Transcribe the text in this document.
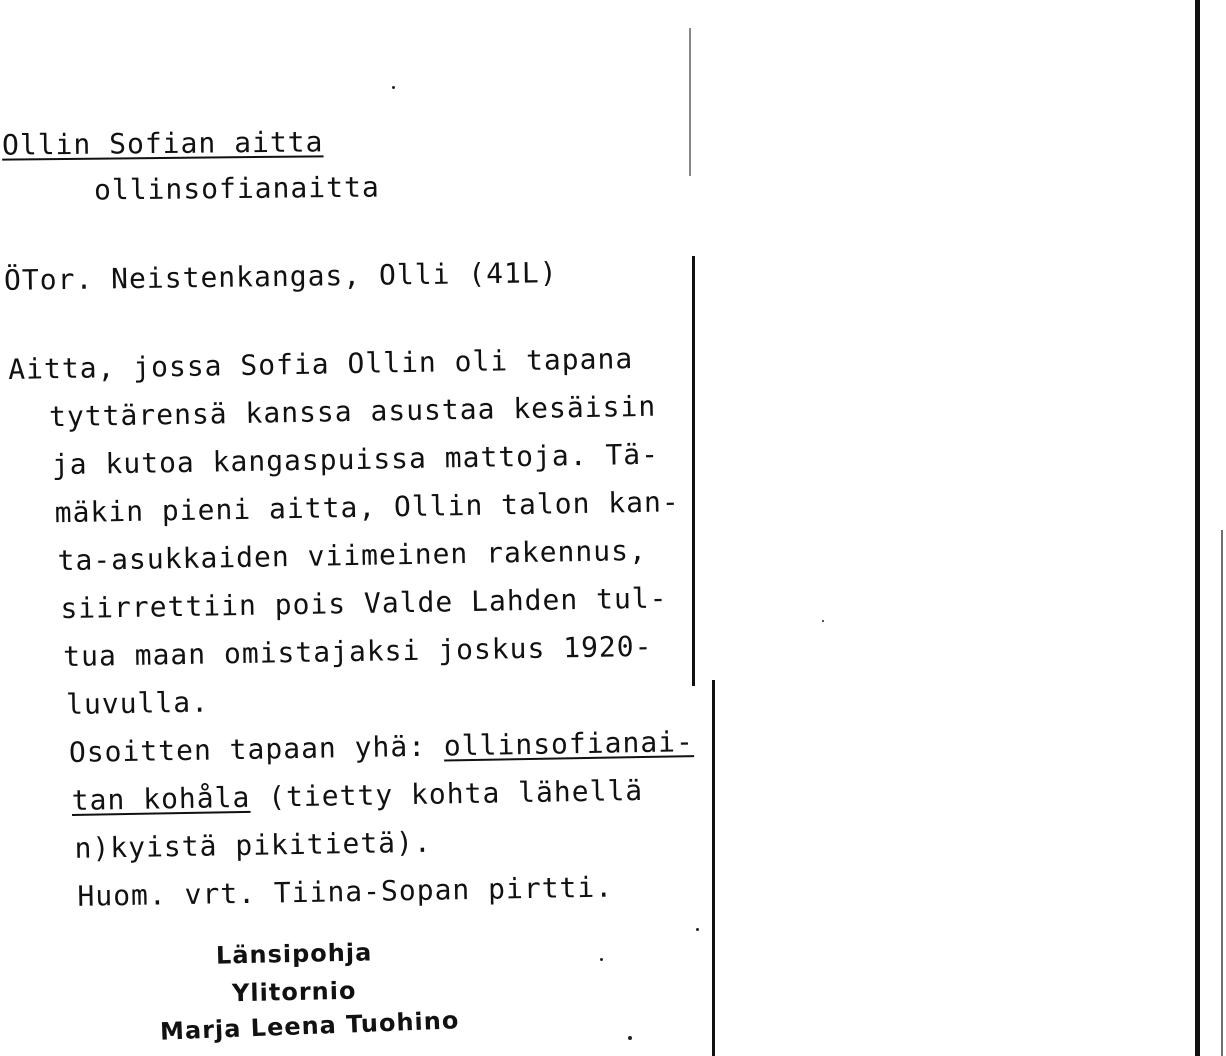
Ollin Sofian aitta
ollinsofianaitta
ÖTor. Neistenkangas, Olli (41L)

Aitta, jossa Sofia Ollin oli tapana

tyttärensä kanssa asustaa kesäisin

ja kutoa kangaspuissa mattoja. Tä-

mäkin pieni aitta, Ollin talon kan-

ta-asukkaiden viimeinen rakennus,

siirrettiin pois Valde Lahden tul-

tua maan omistajaksi joskus 1920-

luvulla.

Osoitten tapaan yhä: ollinsofianai-

tan kohåla (tietty kohta lähellä

n)kyistä pikitietä).

Huom. vrt. Tiina-Sopan pirtti.

Länsipohja
Ylitornio
Marja Leena Tuohino
